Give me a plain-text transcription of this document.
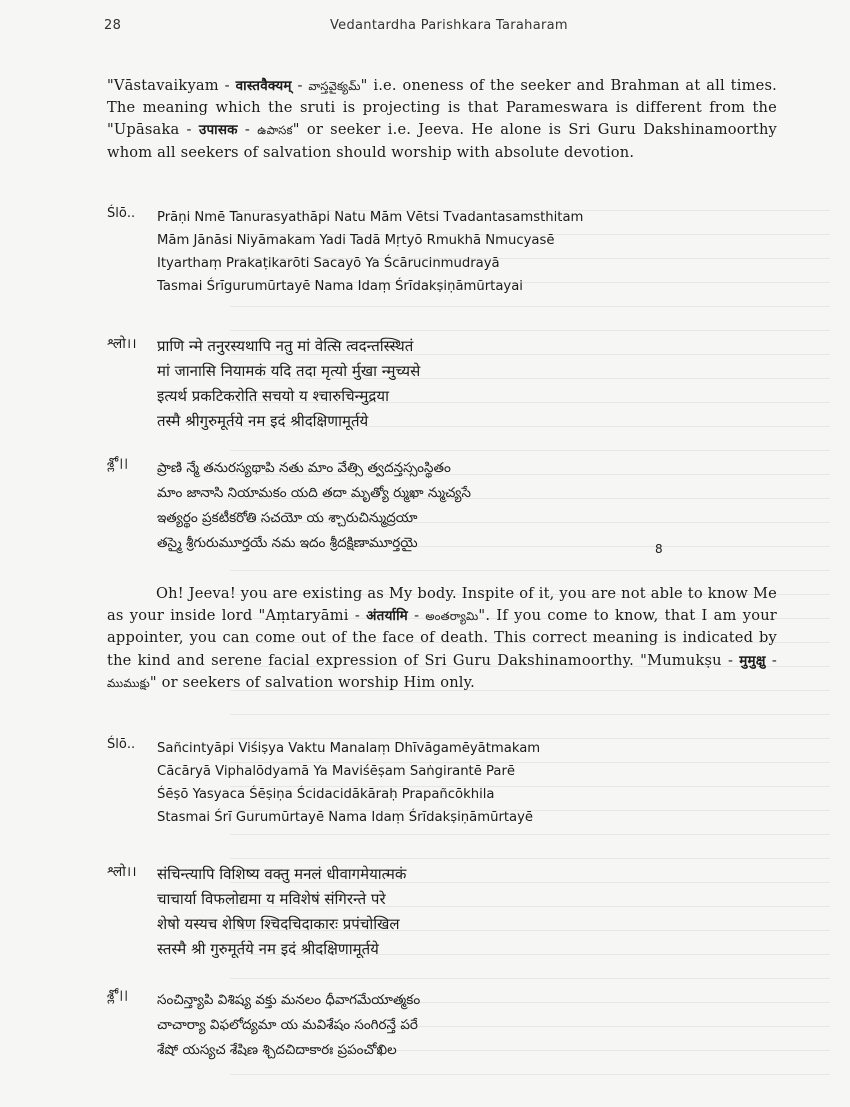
28	Vedantardha Parishkara Taraharam
"Vāstavaikyam - वास्तवैक्यम् - వాస్తవైక్యమ్" i.e. oneness of the seeker and Brahman at all times. The meaning which the sruti is projecting is that Parameswara is different from the "Upāsaka - उपासक - ఉపాసక" or seeker i.e. Jeeva. He alone is Sri Guru Dakshinamoorthy whom all seekers of salvation should worship with absolute devotion.
Ślō.. Prāṇi Nmē Tanurasyathāpi Natu Mām Vētsi Tvadantasamsthitam
Mām Jānāsi Niyāmakam Yadi Tadā Mṛtyō Rmukhā Nmucyasē
Ityarthaṃ Prakaṭikarōti Sacayō Ya Ścārucinmudrayā
Tasmai Śrīgurumūrtayē Nama Idaṃ Śrīdakṣiṇāmūrtayai
श्लो।। प्राणि न्मे तनुरस्यथापि नतु मां वेत्सि त्वदन्तस्स्थितं
मां जानासि नियामकं यदि तदा मृत्यो र्मुखा न्मुच्यसे
इत्यर्थ प्रकटिकरोति सचयो य श्चारुचिन्मुद्रया
तस्मै श्रीगुरुमूर्तये नम इदं श्रीदक्षिणामूर्तये
శ్లో।। ప్రాణి న్మే తనురస్యథాపి నతు మాం వేత్సి త్వదన్తస్సంస్థితం
మాం జానాసి నియామకం యది తదా మృత్యో ర్ముఖా న్ముచ్యసే
ఇత్యర్థం ప్రకటీకరోతి సచయో య శ్చారుచిన్ముద్రయా
తస్మై శ్రీగురుమూర్తయే నమ ఇదం శ్రీదక్షిణామూర్తయై	8
Oh! Jeeva! you are existing as My body. Inspite of it, you are not able to know Me as your inside lord "Aṃtaryāmi - अंतर्यामि - అంతర్యామి". If you come to know, that I am your appointer, you can come out of the face of death. This correct meaning is indicated by the kind and serene facial expression of Sri Guru Dakshinamoorthy. "Mumukṣu - मुमुक्षु - ముముక్షు" or seekers of salvation worship Him only.
Ślō.. Sañcintyāpi Viśiṣya Vaktu Manalaṃ Dhīvāgamēyātmakam
Cācāryā Viphalōdyamā Ya Maviśēṣam Saṅgirantē Parē
Śēṣō Yasyaca Śēṣiṇa Ścidacidākāraḥ Prapañcōkhila
Stasmai Śrī Gurumūrtayē Nama Idaṃ Śrīdakṣiṇāmūrtayē
श्लो।। संचिन्त्यापि विशिष्य वक्तु मनलं धीवागमेयात्मकं
चाचार्या विफलोद्यमा य मविशेषं संगिरन्ते परे
शेषो यस्यच शेषिण श्चिदचिदाकारः प्रपंचोखिल
स्तस्मै श्री गुरुमूर्तये नम इदं श्रीदक्षिणामूर्तये
శ్లో।। సంచిన్త్యాపి విశిష్య వక్తు మనలం ధీవాగమేయాత్మకం
చాచార్యా విఫలోద్యమా య మవిశేషం సంగిరన్తే పరే
శేషో యస్యచ శేషిణ శ్చిదచిదాకారః ప్రపంచోఖిల
